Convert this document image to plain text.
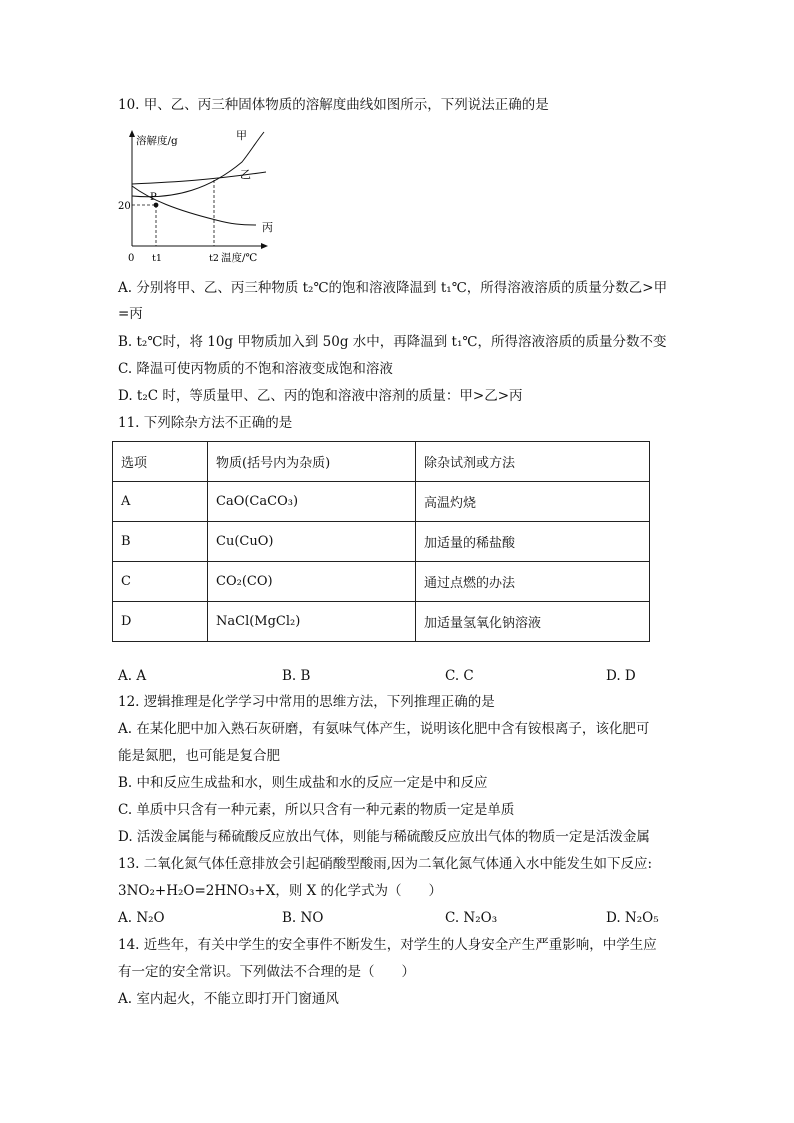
10. 甲、乙、丙三种固体物质的溶解度曲线如图所示，下列说法正确的是
溶解度/g	甲
乙
丙
P
20
0 t1	t2 温度/℃
A. 分别将甲、乙、丙三种物质 t₂℃的饱和溶液降温到 t₁℃，所得溶液溶质的质量分数乙>甲
=丙
B. t₂℃时，将 10g 甲物质加入到 50g 水中，再降温到 t₁℃，所得溶液溶质的质量分数不变
C. 降温可使丙物质的不饱和溶液变成饱和溶液
D. t₂C 时，等质量甲、乙、丙的饱和溶液中溶剂的质量：甲>乙>丙
11. 下列除杂方法不正确的是
选项	物质(括号内为杂质)	除杂试剂或方法
A	CaO(CaCO₃)	高温灼烧
B	Cu(CuO)	加适量的稀盐酸
C	CO₂(CO)	通过点燃的办法
D	NaCl(MgCl₂)	加适量氢氧化钠溶液
A. A	B. B	C. C	D. D
12. 逻辑推理是化学学习中常用的思维方法，下列推理正确的是
A. 在某化肥中加入熟石灰研磨，有氨味气体产生，说明该化肥中含有铵根离子，该化肥可
能是氮肥，也可能是复合肥
B. 中和反应生成盐和水，则生成盐和水的反应一定是中和反应
C. 单质中只含有一种元素，所以只含有一种元素的物质一定是单质
D. 活泼金属能与稀硫酸反应放出气体，则能与稀硫酸反应放出气体的物质一定是活泼金属
13. 二氧化氮气体任意排放会引起硝酸型酸雨,因为二氧化氮气体通入水中能发生如下反应:
3NO₂+H₂O=2HNO₃+X，则 X 的化学式为（　　）
A. N₂O	B. NO	C. N₂O₃	D. N₂O₅
14. 近些年，有关中学生的安全事件不断发生，对学生的人身安全产生严重影响，中学生应
有一定的安全常识。下列做法不合理的是（　　）
A. 室内起火，不能立即打开门窗通风
